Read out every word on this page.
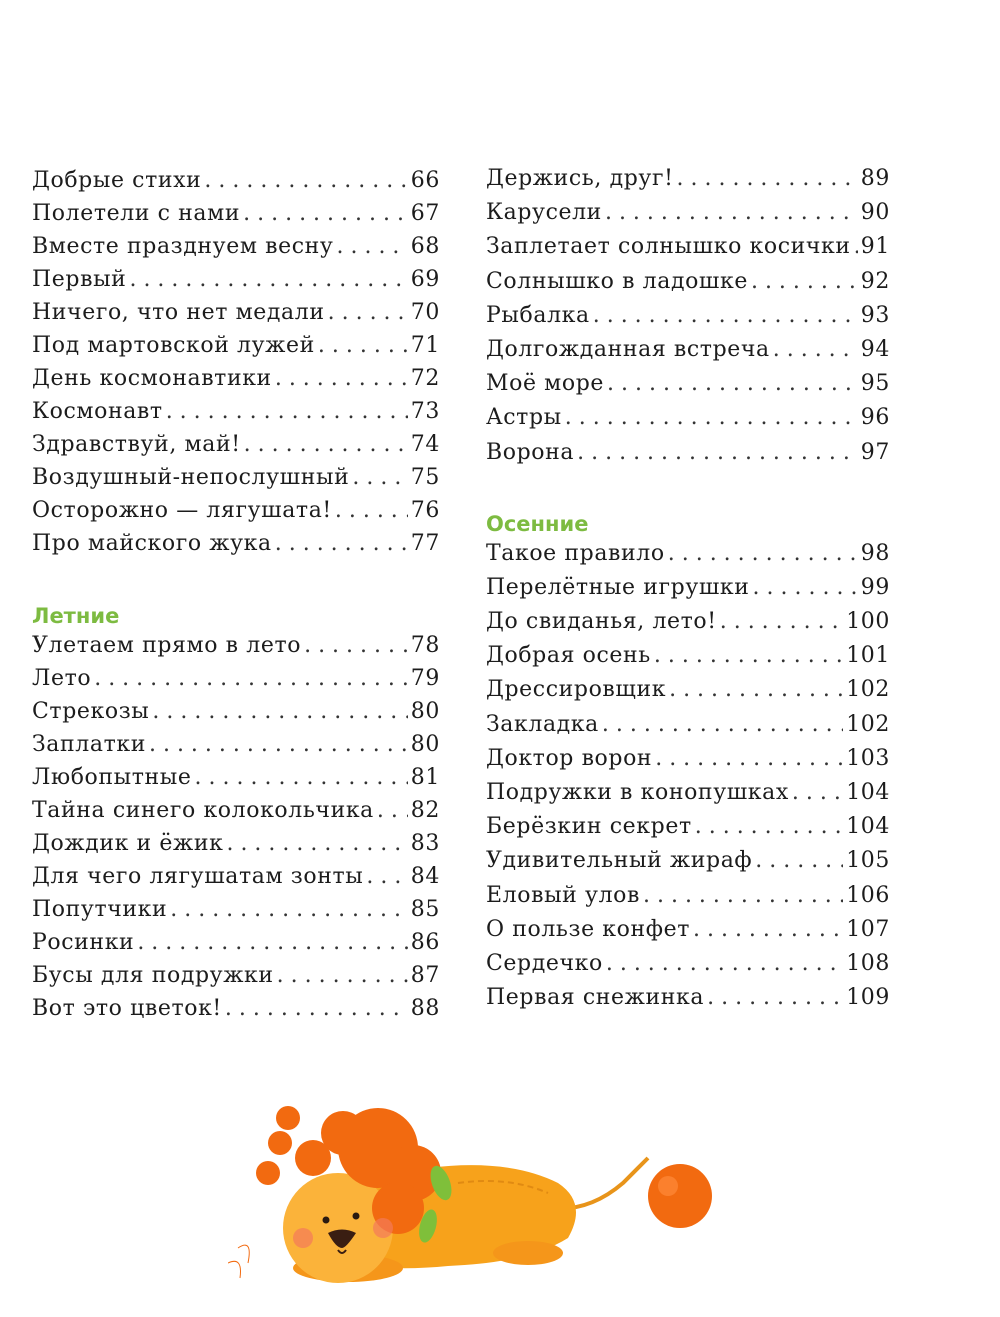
Добрые стихи . . .	66
Полетели с нами . . .	67
Вместе празднуем весну . . .	68
Первый . . .	69
Ничего, что нет медали . . .	70
Под мартовской лужей . . .	71
День космонавтики . . .	72
Космонавт . . .	73
Здравствуй, май! . . .	74
Воздушный-непослушный . . .	75
Осторожно — лягушата! . . .	76
Про майского жука . . .	77
Летние
Улетаем прямо в лето . . .	78
Лето . . .	79
Стрекозы . . .	80
Заплатки . . .	80
Любопытные . . .	81
Тайна синего колокольчика . . . 82
Дождик и ёжик . . .	83
Для чего лягушатам зонты . . . 84
Попутчики . . .	85
Росинки . . .	86
Бусы для подружки . . .	87
Вот это цветок! . . .	88
Держись, друг! . . .	89
Карусели . . .	90
Заплетает солнышко косички . . . 91
Солнышко в ладошке . . .	92
Рыбалка . . .	93
Долгожданная встреча . . .	94
Моё море . . .	95
Астры . . .	96
Ворона . . .	97
Осенние
Такое правило . . .	98
Перелётные игрушки . . .	99
До свиданья, лето! . . .	100
Добрая осень . . .	101
Дрессировщик . . .	102
Закладка . . .	102
Доктор ворон . . .	103
Подружки в конопушках . . .	104
Берёзкин секрет . . .	104
Удивительный жираф . . .	105
Еловый улов . . .	106
О пользе конфет . . .	107
Сердечко . . .	108
Первая снежинка . . .	109
